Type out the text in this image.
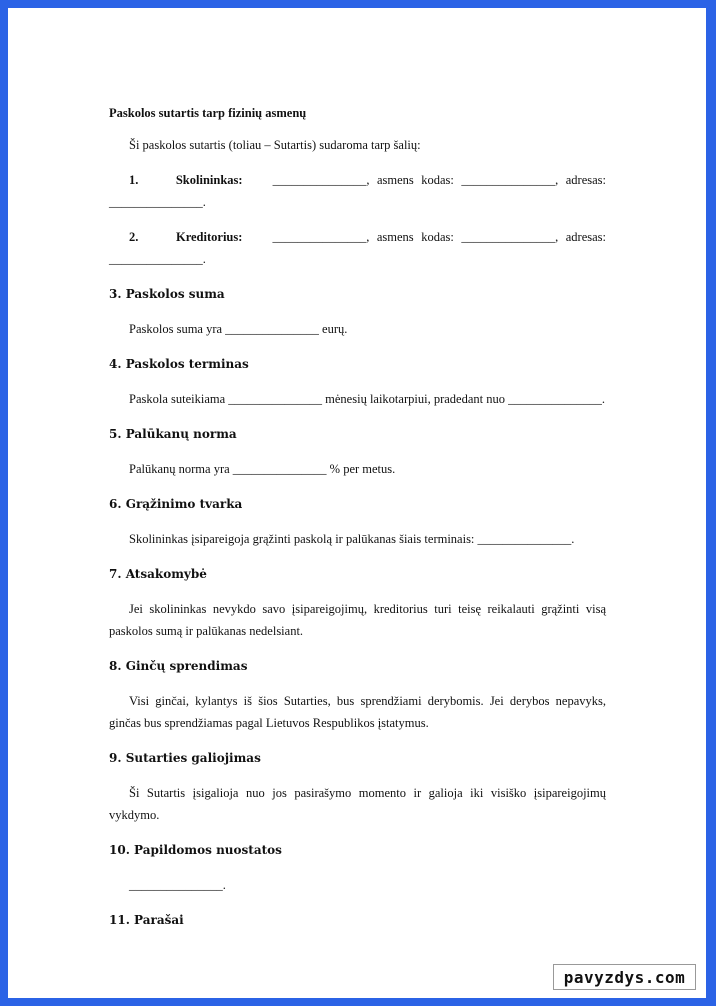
Paskolos sutartis tarp fizinių asmenų

Ši paskolos sutartis (toliau – Sutartis) sudaroma tarp šalių:

1.	Skolininkas: _______________, asmens kodas: _______________, adresas: _______________.

2.	Kreditorius: _______________, asmens kodas: _______________, adresas: _______________.

3. Paskolos suma

Paskolos suma yra _______________ eurų.

4. Paskolos terminas

Paskola suteikiama _______________ mėnesių laikotarpiui, pradedant nuo _______________.

5. Palūkanų norma

Palūkanų norma yra _______________ % per metus.

6. Grąžinimo tvarka

Skolininkas įsipareigoja grąžinti paskolą ir palūkanas šiais terminais: _______________.

7. Atsakomybė

Jei skolininkas nevykdo savo įsipareigojimų, kreditorius turi teisę reikalauti grąžinti visą paskolos sumą ir palūkanas nedelsiant.

8. Ginčų sprendimas

Visi ginčai, kylantys iš šios Sutarties, bus sprendžiami derybomis. Jei derybos nepavyks, ginčas bus sprendžiamas pagal Lietuvos Respublikos įstatymus.

9. Sutarties galiojimas

Ši Sutartis įsigalioja nuo jos pasirašymo momento ir galioja iki visiško įsipareigojimų vykdymo.

10. Papildomos nuostatos

_______________.

11. Parašai

pavyzdys.com
